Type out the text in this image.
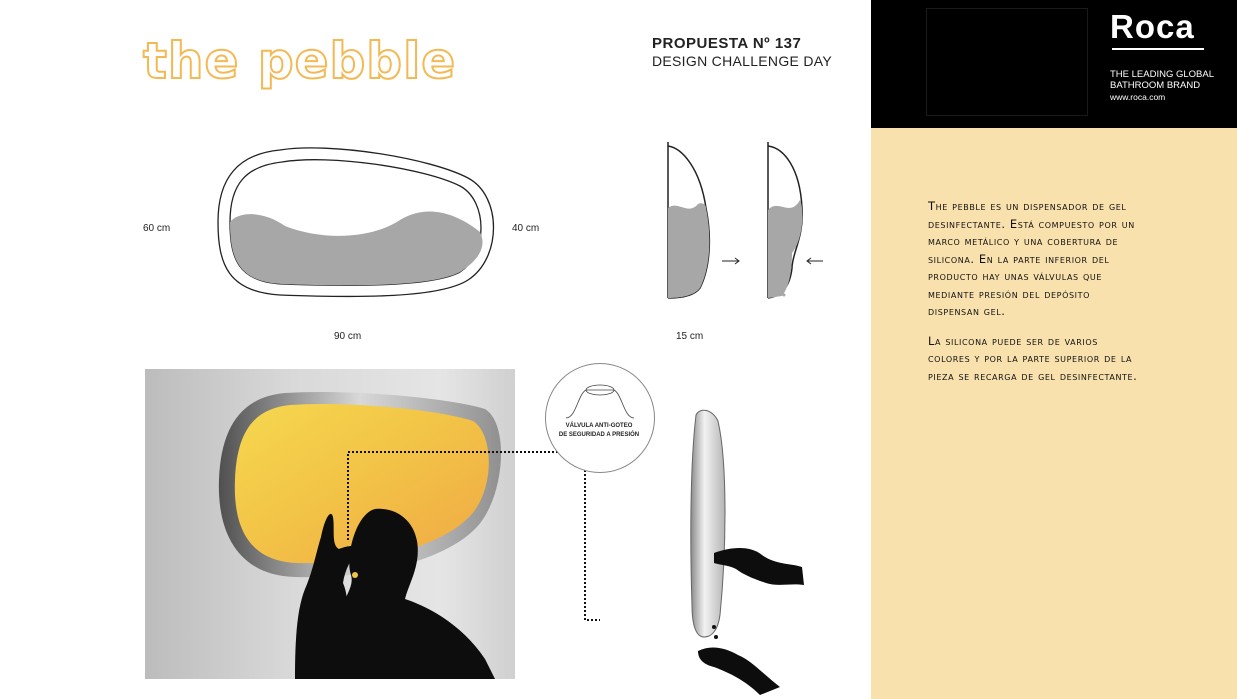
the pebble	PROPUESTA Nº 137
DESIGN CHALLENGE DAY
60 cm	40 cm
90 cm	15 cm
VÁLVULA ANTI-GOTEO
DE SEGURIDAD A PRESIÓN
Roca
THE LEADING GLOBAL
BATHROOM BRAND
www.roca.com

The pebble es un dispensador de gel desinfectante. Está compuesto por un marco metálico y una cobertura de silicona. En la parte inferior del producto hay unas válvulas que mediante presión del depósito dispensan gel.

La silicona puede ser de varios colores y por la parte superior de la pieza se recarga de gel desinfectante.
